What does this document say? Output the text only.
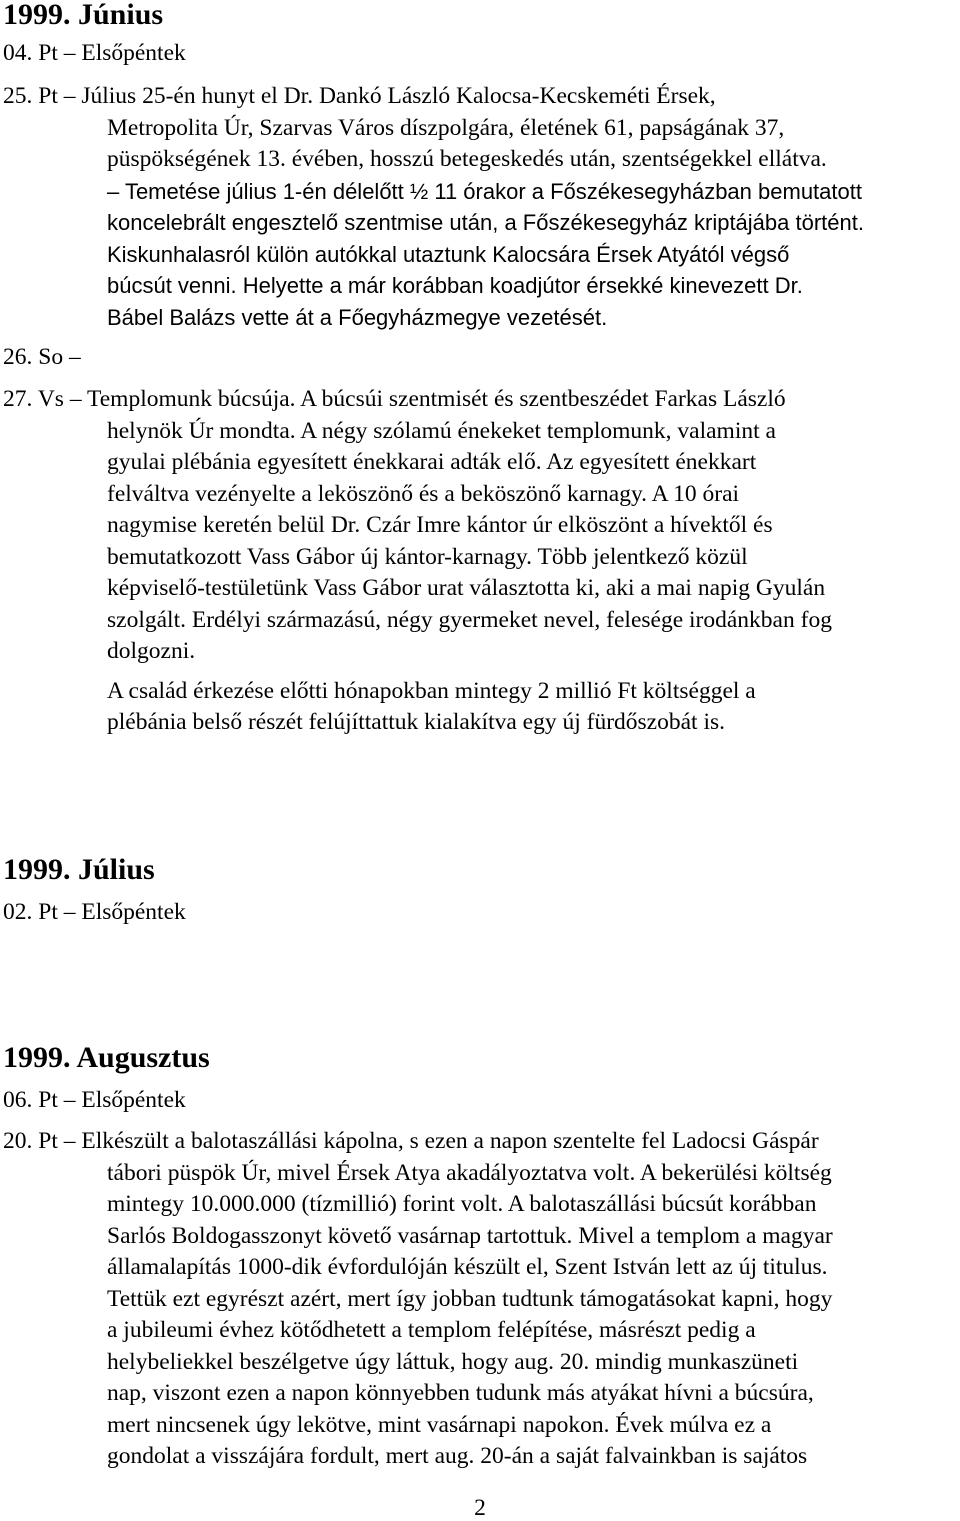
1999. Június
04. Pt – Elsőpéntek
25. Pt – Július 25-én hunyt el Dr. Dankó László Kalocsa-Kecskeméti Érsek,
Metropolita Úr, Szarvas Város díszpolgára, életének 61, papságának 37,
püspökségének 13. évében, hosszú betegeskedés után, szentségekkel ellátva.
– Temetése július 1-én délelőtt ½ 11 órakor a Főszékesegyházban bemutatott
koncelebrált engesztelő szentmise után, a Főszékesegyház kriptájába történt.
Kiskunhalasról külön autókkal utaztunk Kalocsára Érsek Atyától végső
búcsút venni. Helyette a már korábban koadjútor érsekké kinevezett Dr.
Bábel Balázs vette át a Főegyházmegye vezetését.
26. So –
27. Vs – Templomunk búcsúja. A búcsúi szentmisét és szentbeszédet Farkas László
helynök Úr mondta. A négy szólamú énekeket templomunk, valamint a
gyulai plébánia egyesített énekkarai adták elő. Az egyesített énekkart
felváltva vezényelte a leköszönő és a beköszönő karnagy. A 10 órai
nagymise keretén belül Dr. Czár Imre kántor úr elköszönt a hívektől és
bemutatkozott Vass Gábor új kántor-karnagy. Több jelentkező közül
képviselő-testületünk Vass Gábor urat választotta ki, aki a mai napig Gyulán
szolgált. Erdélyi származású, négy gyermeket nevel, felesége irodánkban fog
dolgozni.
A család érkezése előtti hónapokban mintegy 2 millió Ft költséggel a
plébánia belső részét felújíttattuk kialakítva egy új fürdőszobát is.
1999. Július
02. Pt – Elsőpéntek
1999. Augusztus
06. Pt – Elsőpéntek
20. Pt – Elkészült a balotaszállási kápolna, s ezen a napon szentelte fel Ladocsi Gáspár
tábori püspök Úr, mivel Érsek Atya akadályoztatva volt. A bekerülési költség
mintegy 10.000.000 (tízmillió) forint volt. A balotaszállási búcsút korábban
Sarlós Boldogasszonyt követő vasárnap tartottuk. Mivel a templom a magyar
államalapítás 1000-dik évfordulóján készült el, Szent István lett az új titulus.
Tettük ezt egyrészt azért, mert így jobban tudtunk támogatásokat kapni, hogy
a jubileumi évhez kötődhetett a templom felépítése, másrészt pedig a
helybeliekkel beszélgetve úgy láttuk, hogy aug. 20. mindig munkaszüneti
nap, viszont ezen a napon könnyebben tudunk más atyákat hívni a búcsúra,
mert nincsenek úgy lekötve, mint vasárnapi napokon. Évek múlva ez a
gondolat a visszájára fordult, mert aug. 20-án a saját falvainkban is sajátos
2
